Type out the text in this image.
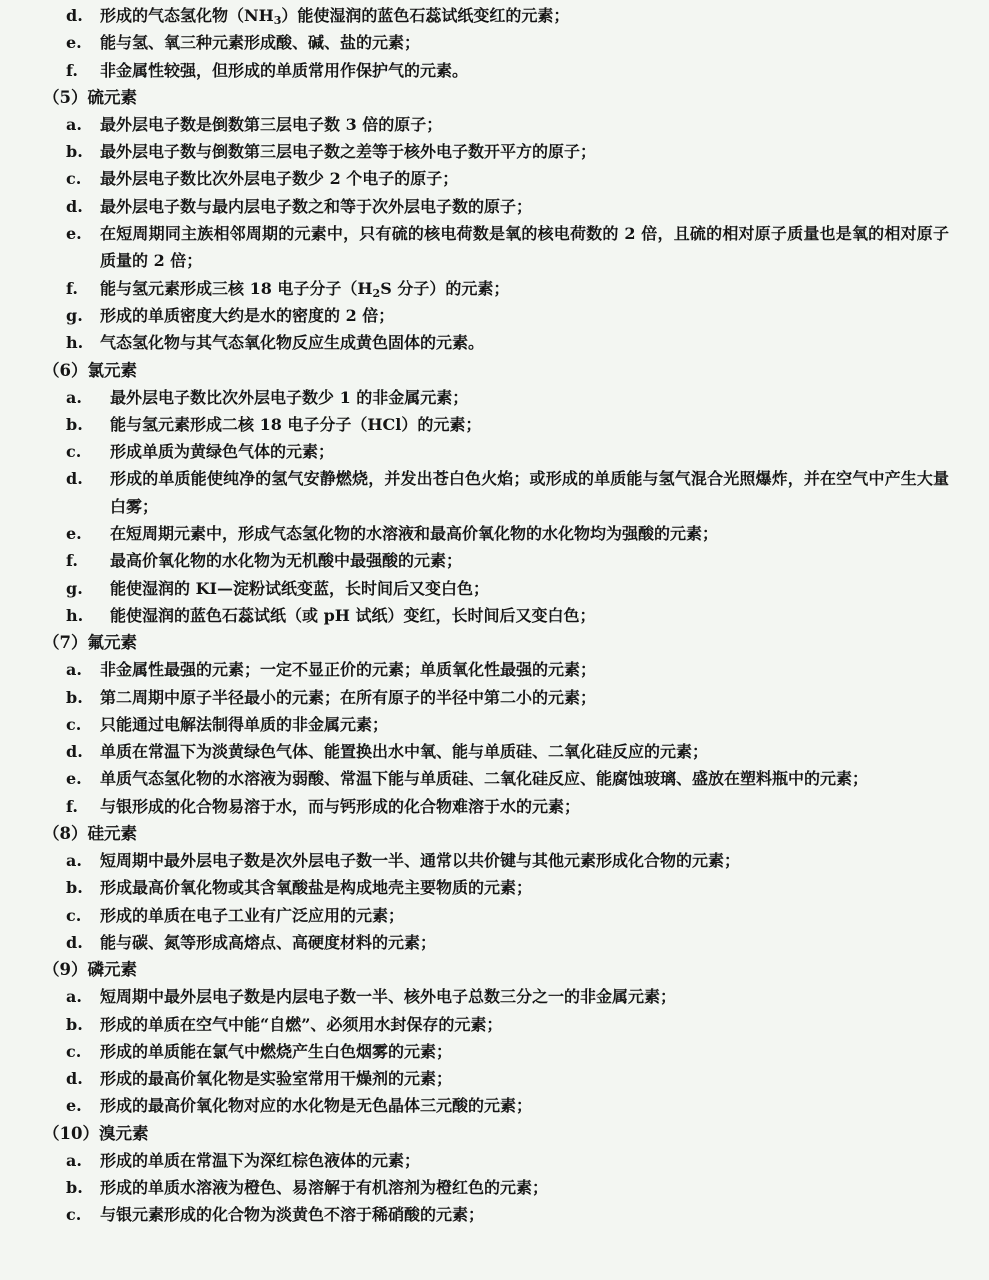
d.	形成的气态氢化物$(NH_3)$能使湿润的蓝色石蕊试纸变红的元素；
e.	能与氢、氧三种元素形成酸、碱、盐的元素；
f.	非金属性较强，但形成的单质常用作保护气的元素。
（5）硫元素
a.	最外层电子数是倒数第三层电子数 3 倍的原子；
b.	最外层电子数与倒数第三层电子数之差等于核外电子数开平方的原子；
c.	最外层电子数比次外层电子数少 2 个电子的原子；
d.	最外层电子数与最内层电子数之和等于次外层电子数的原子；
e.	在短周期同主族相邻周期的元素中，只有硫的核电荷数是氧的核电荷数的 2 倍，且硫的相对原子质量也是氧的相对原子质量的 2 倍；
f.	能与氢元素形成三核 18 电子分子（$H_2S$ 分子）的元素；
g.	形成的单质密度大约是水的密度的 2 倍；
h.	气态氢化物与其气态氧化物反应生成黄色固体的元素。
（6）氯元素
a.	最外层电子数比次外层电子数少 1 的非金属元素；
b.	能与氢元素形成二核 18 电子分子（HCl）的元素；
c.	形成单质为黄绿色气体的元素；
d.	形成的单质能使纯净的氢气安静燃烧，并发出苍白色火焰；或形成的单质能与氢气混合光照爆炸，并在空气中产生大量白雾；
e.	在短周期元素中，形成气态氢化物的水溶液和最高价氧化物的水化物均为强酸的元素；
f.	最高价氧化物的水化物为无机酸中最强酸的元素；
g.	能使湿润的 KI—淀粉试纸变蓝，长时间后又变白色；
h.	能使湿润的蓝色石蕊试纸（或 pH 试纸）变红，长时间后又变白色；
（7）氟元素
a.	非金属性最强的元素；一定不显正价的元素；单质氧化性最强的元素；
b.	第二周期中原子半径最小的元素；在所有原子的半径中第二小的元素；
c.	只能通过电解法制得单质的非金属元素；
d.	单质在常温下为淡黄绿色气体、能置换出水中氧、能与单质硅、二氧化硅反应的元素；
e.	单质气态氢化物的水溶液为弱酸、常温下能与单质硅、二氧化硅反应、能腐蚀玻璃、盛放在塑料瓶中的元素；
f.	与银形成的化合物易溶于水，而与钙形成的化合物难溶于水的元素；
（8）硅元素
a.	短周期中最外层电子数是次外层电子数一半、通常以共价键与其他元素形成化合物的元素；
b.	形成最高价氧化物或其含氧酸盐是构成地壳主要物质的元素；
c.	形成的单质在电子工业有广泛应用的元素；
d.	能与碳、氮等形成高熔点、高硬度材料的元素；
（9）磷元素
a.	短周期中最外层电子数是内层电子数一半、核外电子总数三分之一的非金属元素；
b.	形成的单质在空气中能“自燃”、必须用水封保存的元素；
c.	形成的单质能在氯气中燃烧产生白色烟雾的元素；
d.	形成的最高价氧化物是实验室常用干燥剂的元素；
e.	形成的最高价氧化物对应的水化物是无色晶体三元酸的元素；
（10）溴元素
a.	形成的单质在常温下为深红棕色液体的元素；
b.	形成的单质水溶液为橙色、易溶解于有机溶剂为橙红色的元素；
c.	与银元素形成的化合物为淡黄色不溶于稀硝酸的元素；
